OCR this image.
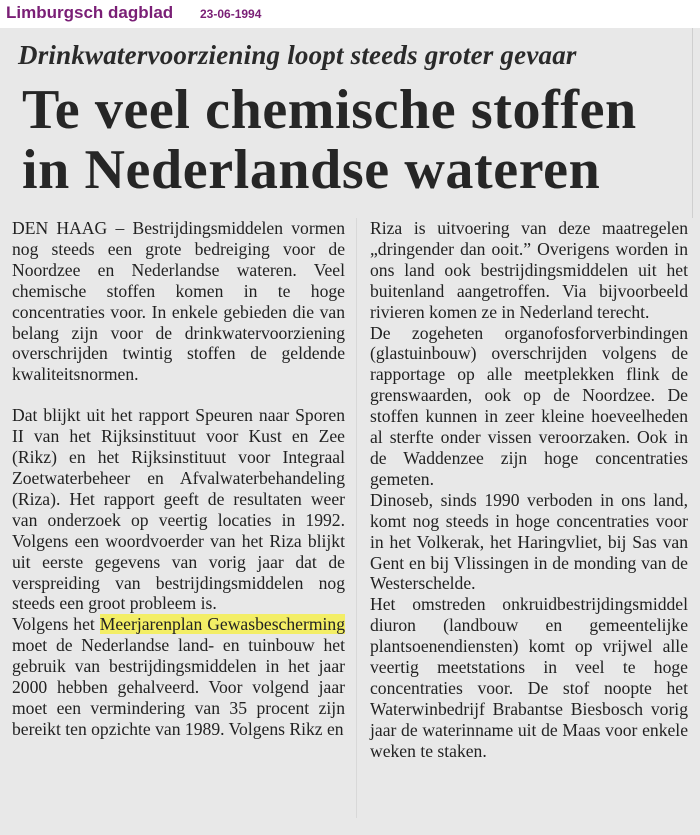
Limburgsch dagblad 23-06-1994
Drinkwatervoorziening loopt steeds groter gevaar
Te veel chemische stoffen
in Nederlandse wateren

DEN HAAG – Bestrijdingsmiddelen vormen nog steeds een grote bedreiging voor de Noordzee en Nederlandse wateren. Veel chemische stoffen komen in te hoge concentraties voor. In enkele gebieden die van belang zijn voor de drinkwatervoorziening overschrijden twintig stoffen de geldende kwaliteitsnormen.

Dat blijkt uit het rapport Speuren naar Sporen II van het Rijksinstituut voor Kust en Zee (Rikz) en het Rijksinstituut voor Integraal Zoetwaterbeheer en Afvalwaterbehandeling (Riza). Het rapport geeft de resultaten weer van onderzoek op veertig locaties in 1992. Volgens een woordvoerder van het Riza blijkt uit eerste gegevens van vorig jaar dat de verspreiding van bestrijdingsmiddelen nog steeds een groot probleem is.

Volgens het Meerjarenplan Gewasbescherming moet de Nederlandse land- en tuinbouw het gebruik van bestrijdingsmiddelen in het jaar 2000 hebben gehalveerd. Voor volgend jaar moet een vermindering van 35 procent zijn bereikt ten opzichte van 1989. Volgens Rikz en

Riza is uitvoering van deze maatregelen „dringender dan ooit.” Overigens worden in ons land ook bestrijdingsmiddelen uit het buitenland aangetroffen. Via bijvoorbeeld rivieren komen ze in Nederland terecht.

De zogeheten organofosforverbindingen (glastuinbouw) overschrijden volgens de rapportage op alle meetplekken flink de grenswaarden, ook op de Noordzee. De stoffen kunnen in zeer kleine hoeveelheden al sterfte onder vissen veroorzaken. Ook in de Waddenzee zijn hoge concentraties gemeten.

Dinoseb, sinds 1990 verboden in ons land, komt nog steeds in hoge concentraties voor in het Volkerak, het Haringvliet, bij Sas van Gent en bij Vlissingen in de monding van de Westerschelde.

Het omstreden onkruidbestrijdingsmiddel diuron (landbouw en gemeentelijke plantsoenendiensten) komt op vrijwel alle veertig meetstations in veel te hoge concentraties voor. De stof noopte het Waterwinbedrijf Brabantse Biesbosch vorig jaar de waterinname uit de Maas voor enkele weken te staken.
